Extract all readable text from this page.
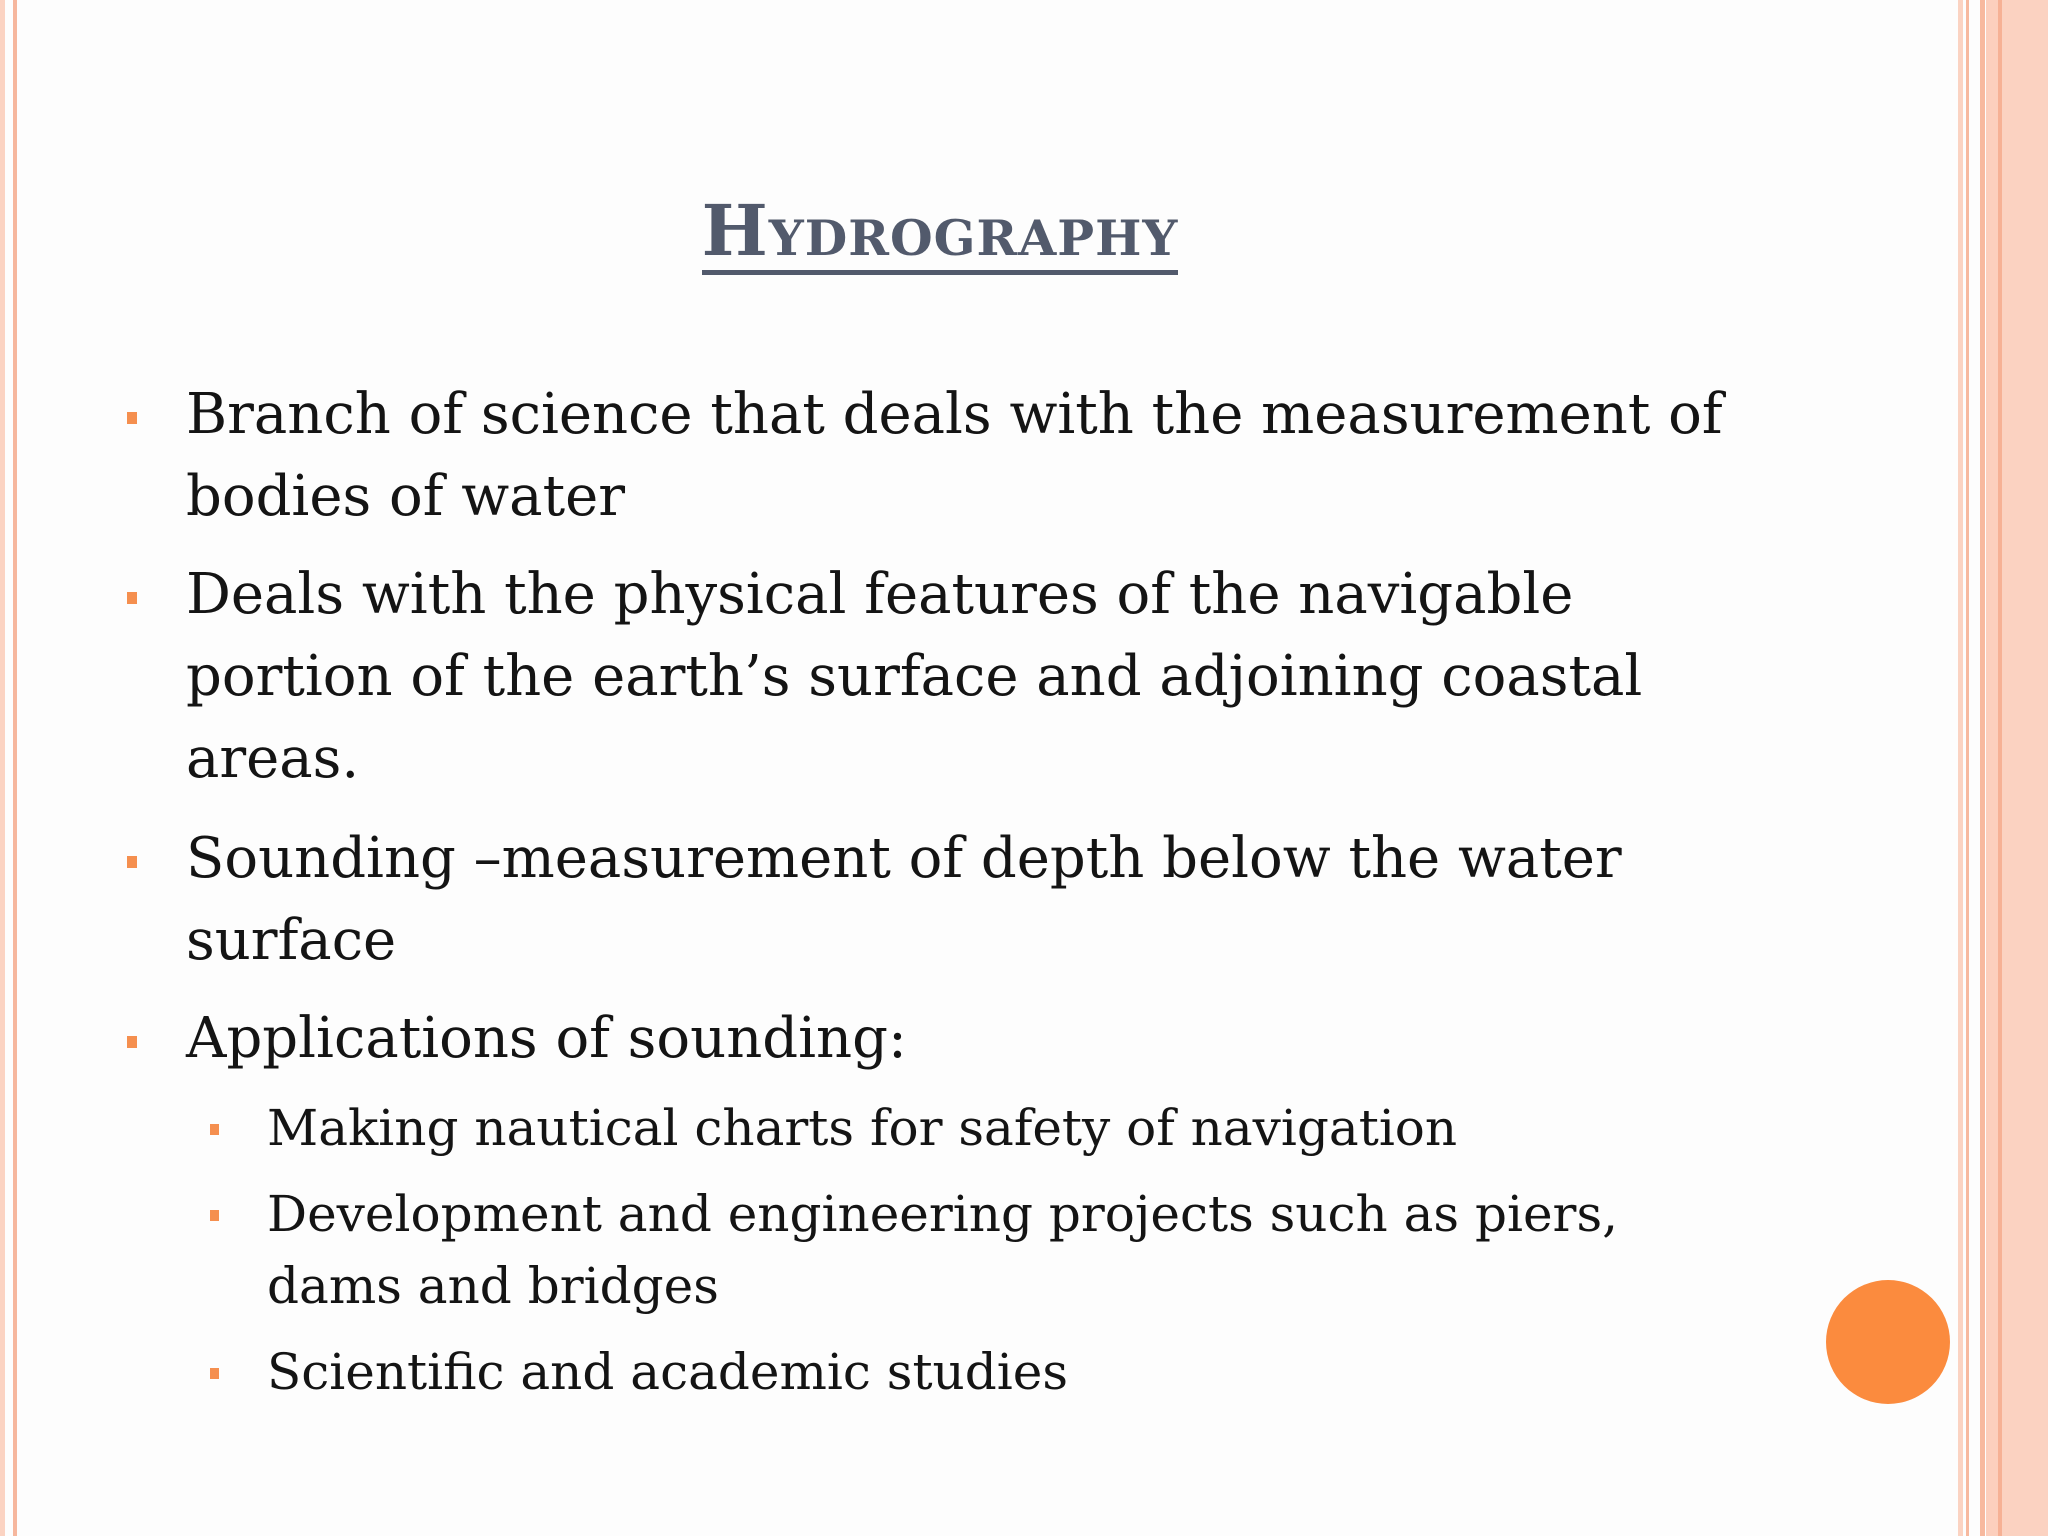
Hydrography
Branch of science that deals with the measurement of bodies of water
Deals with the physical features of the navigable portion of the earth’s surface and adjoining coastal areas.
Sounding –measurement of depth below the water surface
Applications of sounding:
Making nautical charts for safety of navigation
Development and engineering projects such as piers, dams and bridges
Scientific and academic studies
